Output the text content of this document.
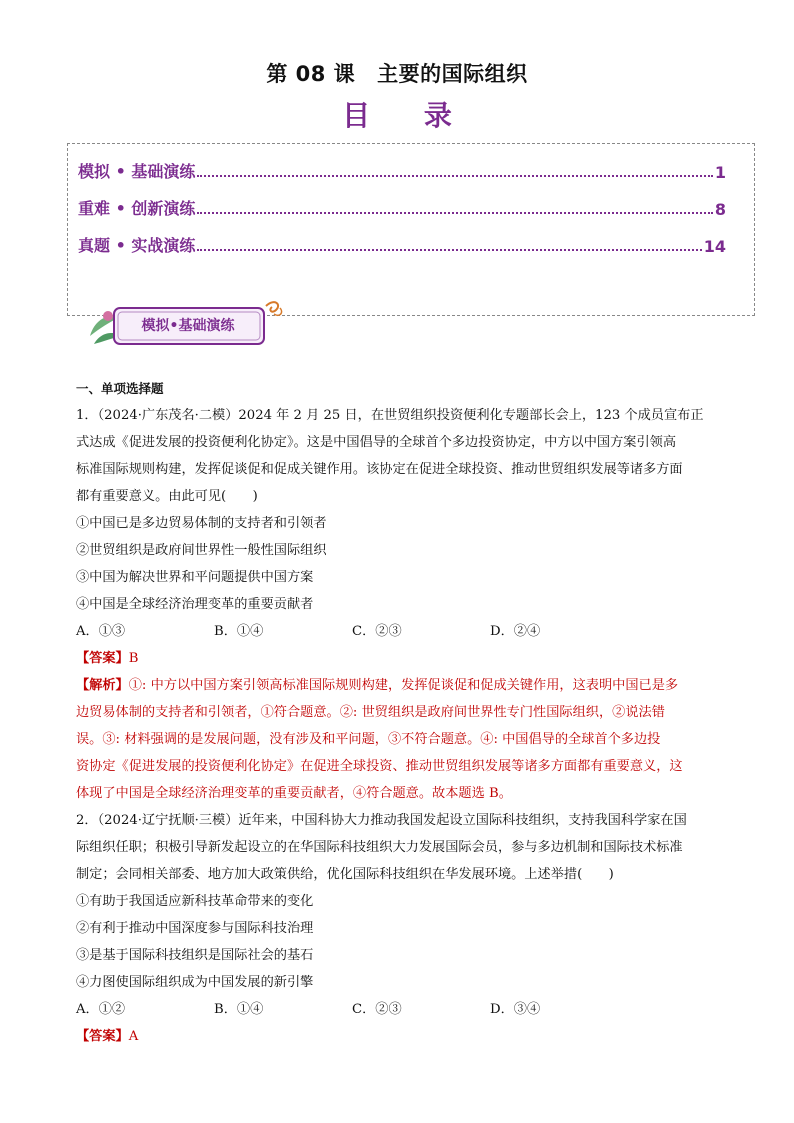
第 08 课 主要的国际组织
目 录
模拟 • 基础演练	1
重难 • 创新演练	8
真题 • 实战演练	14
模拟•基础演练

一、单项选择题

1．（2024·广东茂名·二模）2024 年 2 月 25 日，在世贸组织投资便利化专题部长会上，123 个成员宣布正

式达成《促进发展的投资便利化协定》。这是中国倡导的全球首个多边投资协定，中方以中国方案引领高

标准国际规则构建，发挥促谈促和促成关键作用。该协定在促进全球投资、推动世贸组织发展等诸多方面

都有重要意义。由此可见(　　)

①中国已是多边贸易体制的支持者和引领者

②世贸组织是政府间世界性一般性国际组织

③中国为解决世界和平问题提供中国方案

④中国是全球经济治理变革的重要贡献者

A．①③	B．①④	C．②③	D．②④

【答案】B

【解析】①: 中方以中国方案引领高标准国际规则构建，发挥促谈促和促成关键作用，这表明中国已是多

边贸易体制的支持者和引领者，①符合题意。②: 世贸组织是政府间世界性专门性国际组织，②说法错

误。③: 材料强调的是发展问题，没有涉及和平问题，③不符合题意。④: 中国倡导的全球首个多边投

资协定《促进发展的投资便利化协定》在促进全球投资、推动世贸组织发展等诸多方面都有重要意义，这

体现了中国是全球经济治理变革的重要贡献者，④符合题意。故本题选 B。

2．（2024·辽宁抚顺·三模）近年来，中国科协大力推动我国发起设立国际科技组织，支持我国科学家在国

际组织任职；积极引导新发起设立的在华国际科技组织大力发展国际会员，参与多边机制和国际技术标准

制定；会同相关部委、地方加大政策供给，优化国际科技组织在华发展环境。上述举措(　　)

①有助于我国适应新科技革命带来的变化

②有利于推动中国深度参与国际科技治理

③是基于国际科技组织是国际社会的基石

④力图使国际组织成为中国发展的新引擎

A．①②	B．①④	C．②③	D．③④

【答案】A
